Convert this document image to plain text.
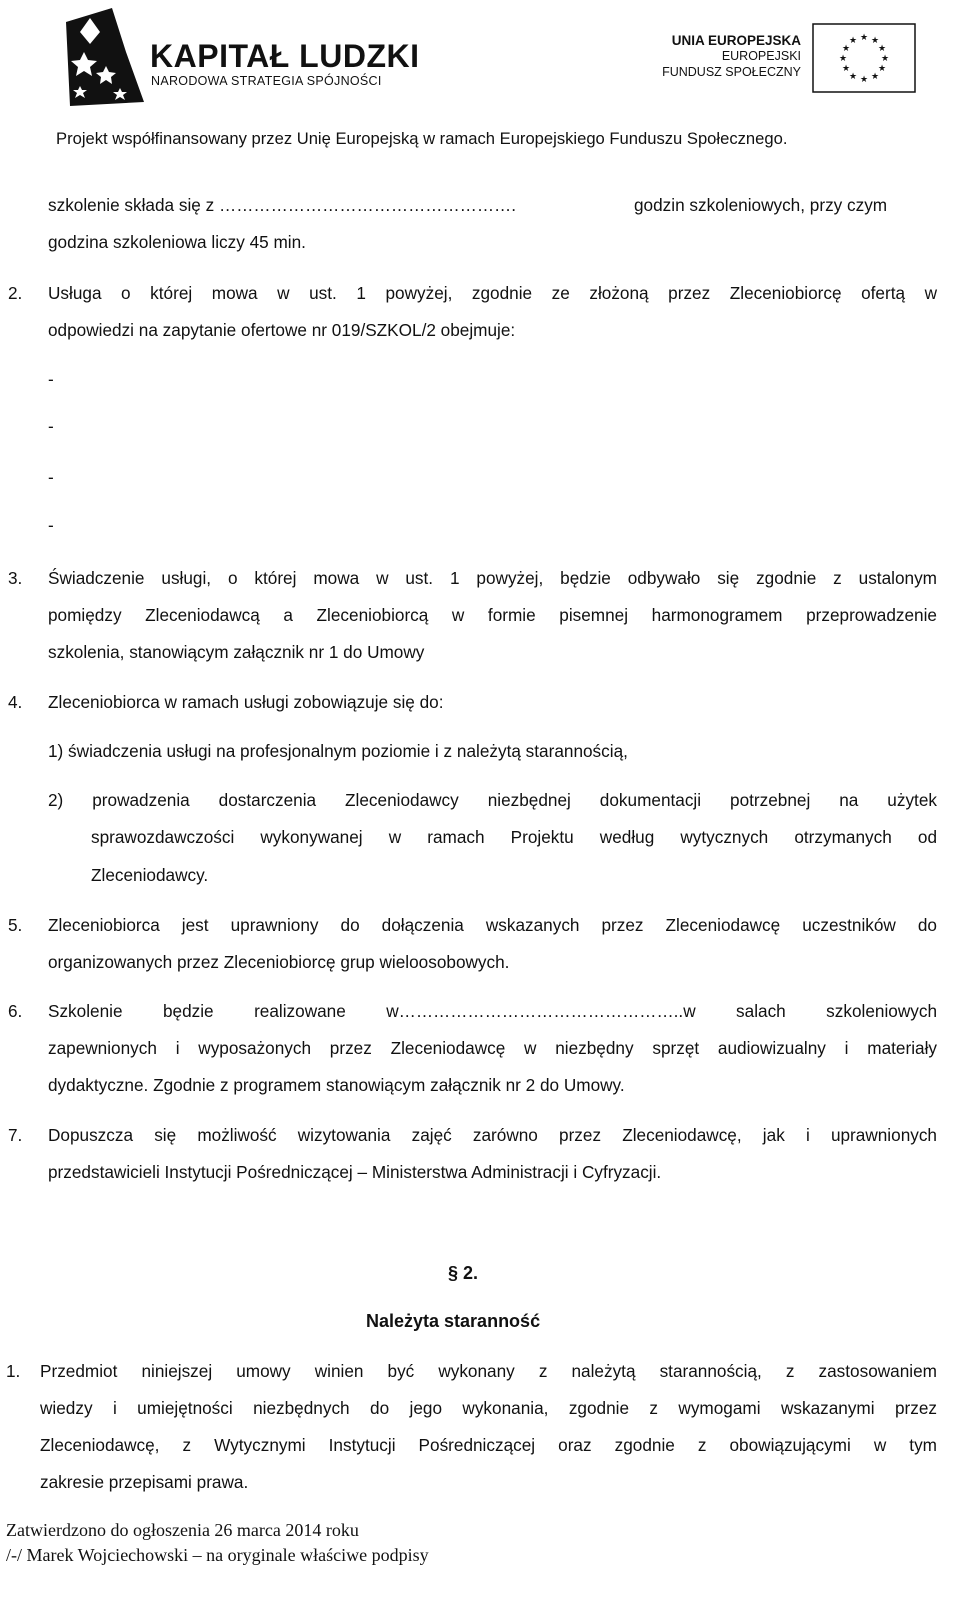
KAPITAŁ LUDZKI
NARODOWA STRATEGIA SPÓJNOŚCI
UNIA EUROPEJSKA
EUROPEJSKI
FUNDUSZ SPOŁECZNY
★ ★
★
★
★
★
★
★
★
★
★
★
Projekt współfinansowany przez Unię Europejską w ramach Europejskiego Funduszu Społecznego.
szkolenie składa się z …………………………………………….	godzin szkoleniowych, przy czym
godzina szkoleniowa liczy 45 min.
2. Usługa o której mowa w ust. 1 powyżej, zgodnie ze złożoną przez Zleceniobiorcę ofertą w
odpowiedzi na zapytanie ofertowe nr 019/SZKOL/2 obejmuje:
-
-
-
-
3. Świadczenie usługi, o której mowa w ust. 1 powyżej, będzie odbywało się zgodnie z ustalonym
pomiędzy Zleceniodawcą a Zleceniobiorcą w formie pisemnej harmonogramem przeprowadzenie
szkolenia, stanowiącym załącznik nr 1 do Umowy
4. Zleceniobiorca w ramach usługi zobowiązuje się do:
1) świadczenia usługi na profesjonalnym poziomie i z należytą starannością,
2) prowadzenia dostarczenia Zleceniodawcy niezbędnej dokumentacji potrzebnej na użytek
sprawozdawczości wykonywanej w ramach Projektu według wytycznych otrzymanych od
Zleceniodawcy.
5. Zleceniobiorca jest uprawniony do dołączenia wskazanych przez Zleceniodawcę uczestników do
organizowanych przez Zleceniobiorcę grup wieloosobowych.
6. Szkolenie będzie realizowane w…………………………………………..w salach szkoleniowych
zapewnionych i wyposażonych przez Zleceniodawcę w niezbędny sprzęt audiowizualny i materiały
dydaktyczne. Zgodnie z programem stanowiącym załącznik nr 2 do Umowy.
7. Dopuszcza się możliwość wizytowania zajęć zarówno przez Zleceniodawcę, jak i uprawnionych
przedstawicieli Instytucji Pośredniczącej – Ministerstwa Administracji i Cyfryzacji.
§ 2.
Należyta staranność
1. Przedmiot niniejszej umowy winien być wykonany z należytą starannością, z zastosowaniem
wiedzy i umiejętności niezbędnych do jego wykonania, zgodnie z wymogami wskazanymi przez
Zleceniodawcę, z Wytycznymi Instytucji Pośredniczącej oraz zgodnie z obowiązującymi w tym
zakresie przepisami prawa.
Zatwierdzono do ogłoszenia 26 marca 2014 roku
/-/ Marek Wojciechowski – na oryginale właściwe podpisy
